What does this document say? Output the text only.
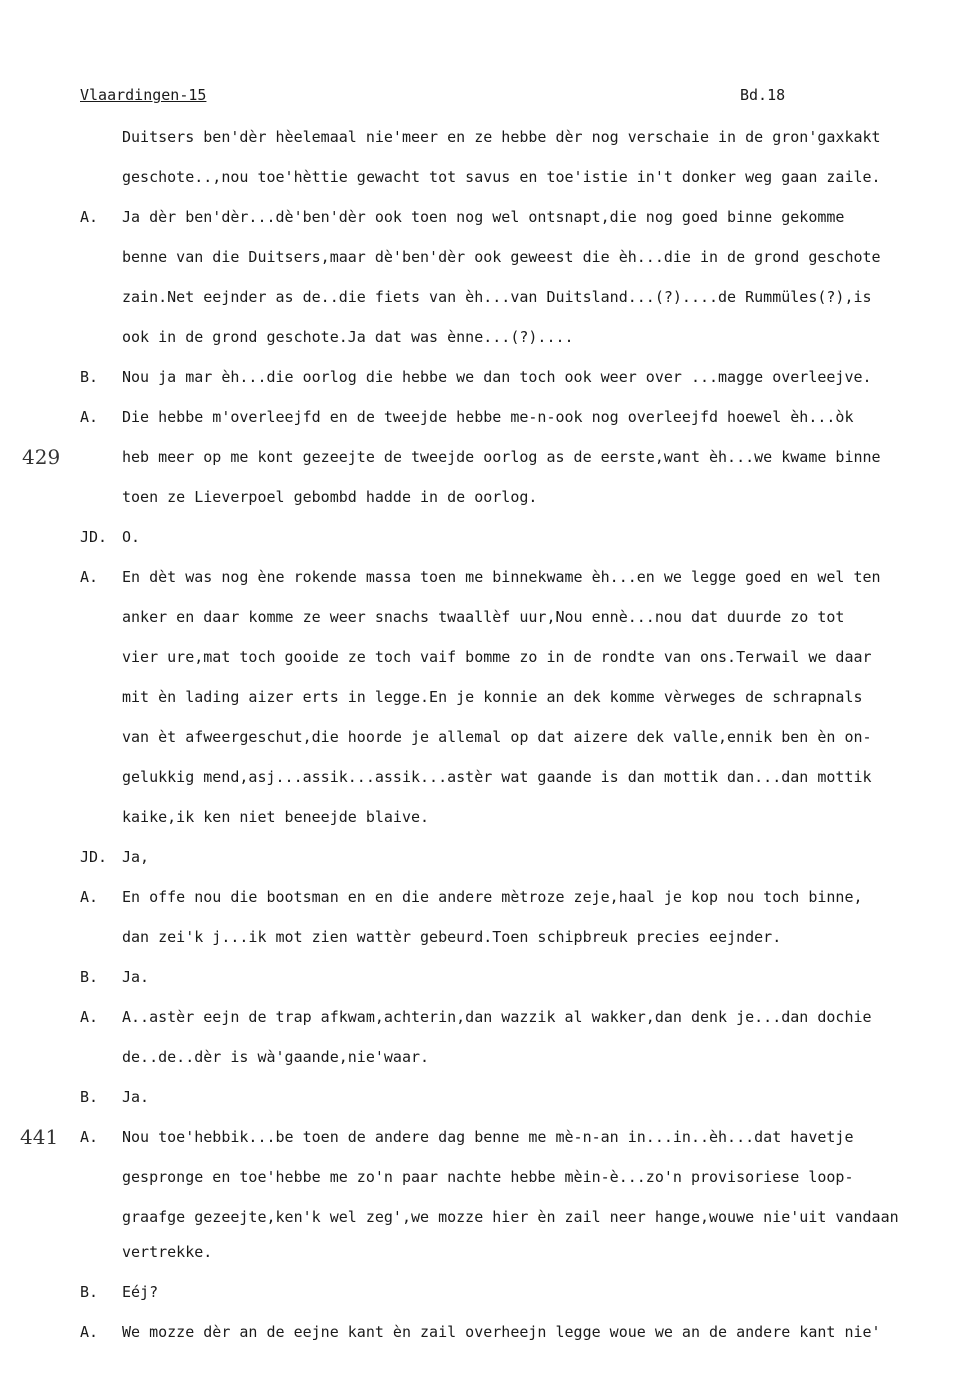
Vlaardingen-15	Bd.18
429
441
Duitsers ben'dèr hèelemaal nie'meer en ze hebbe dèr nog verschaie in de gron'gaxkakt
geschote..,nou toe'hèttie gewacht tot savus en toe'istie in't donker weg gaan zaile.
A.	Ja dèr ben'dèr...dè'ben'dèr ook toen nog wel ontsnapt,die nog goed binne gekomme
benne van die Duitsers,maar dè'ben'dèr ook geweest die èh...die in de grond geschote
zain.Net eejnder as de..die fiets van èh...van Duitsland...(?)....de Rummüles(?),is
ook in de grond geschote.Ja dat was ènne...(?)....
B.	Nou ja mar èh...die oorlog die hebbe we dan toch ook weer over ...magge overleejve.
A.	Die hebbe m'overleejfd en de tweejde hebbe me-n-ook nog overleejfd hoewel èh...òk
heb meer op me kont gezeejte de tweejde oorlog as de eerste,want èh...we kwame binne
toen ze Lieverpoel gebombd hadde in de oorlog.
JD. O.
A.	En dèt was nog ène rokende massa toen me binnekwame èh...en we legge goed en wel ten
anker en daar komme ze weer snachs twaallèf uur,Nou ennè...nou dat duurde zo tot
vier ure,mat toch gooide ze toch vaif bomme zo in de rondte van ons.Terwail we daar
mit èn lading aizer erts in legge.En je konnie an dek komme vèrweges de schrapnals
van èt afweergeschut,die hoorde je allemal op dat aizere dek valle,ennik ben èn on-
gelukkig mend,asj...assik...assik...astèr wat gaande is dan mottik dan...dan mottik
kaike,ik ken niet beneejde blaive.
JD. Ja,
A.	En offe nou die bootsman en en die andere mètroze zeje,haal je kop nou toch binne,
dan zei'k j...ik mot zien wattèr gebeurd.Toen schipbreuk precies eejnder.
B.	Ja.
A.	A..astèr eejn de trap afkwam,achterin,dan wazzik al wakker,dan denk je...dan dochie
de..de..dèr is wà'gaande,nie'waar.
B.	Ja.
A.	Nou toe'hebbik...be toen de andere dag benne me mè-n-an in...in..èh...dat havetje
gesprongе en toe'hebbe me zo'n paar nachte hebbe mèin-è...zo'n provisoriese loop-
graafge gezeejte,ken'k wel zeg',we mozze hier èn zail neer hange,wouwe nie'uit vandaan
vertrekke.
B.	Eéj?
A.	We mozze dèr an de eejne kant èn zail overheejn legge woue we an de andere kant nie'
